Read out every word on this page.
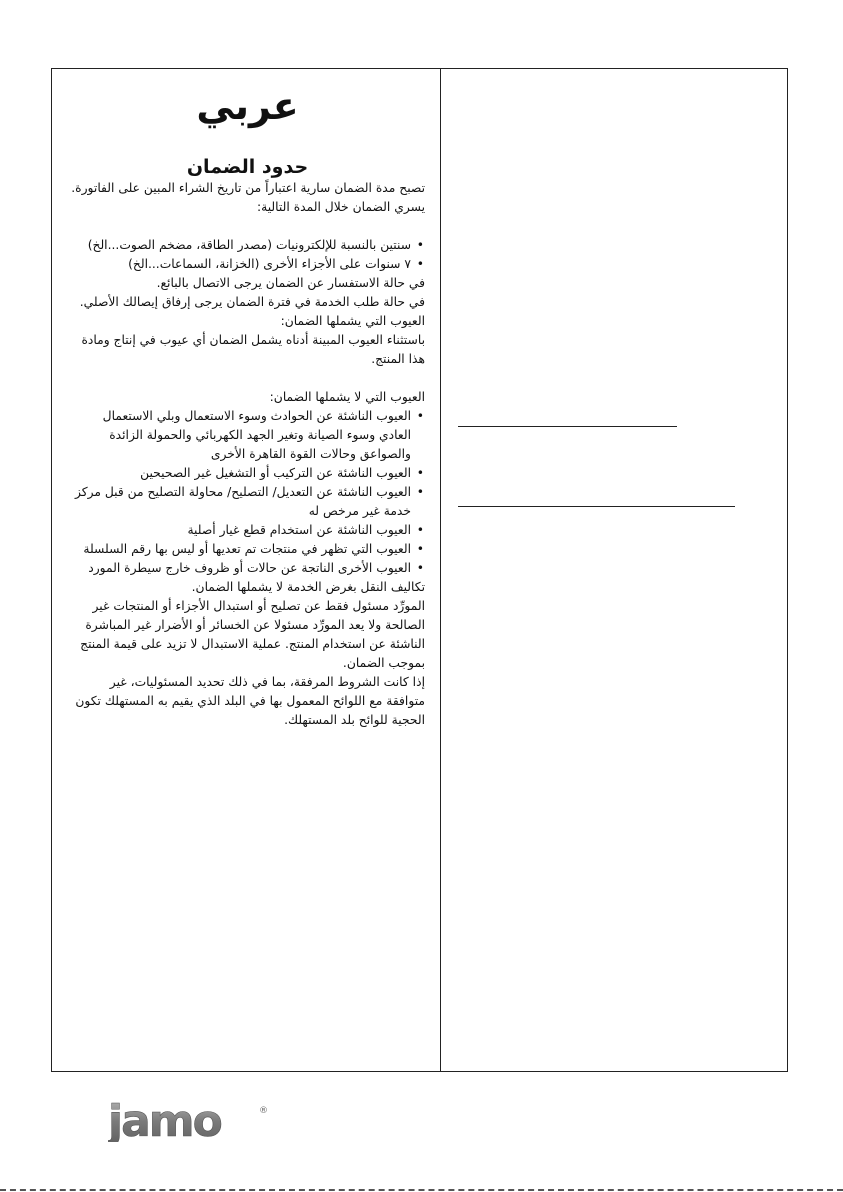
عربي
حدود الضمان

تصبح مدة الضمان سارية اعتباراً من تاريخ الشراء المبين على الفاتورة.

يسري الضمان خلال المدة التالية:

• سنتين بالنسبة للإلكترونيات (مصدر الطاقة، مضخم الصوت...الخ)
• ٧ سنوات على الأجزاء الأخرى (الخزانة، السماعات...الخ)

في حالة الاستفسار عن الضمان يرجى الاتصال بالبائع.

في حالة طلب الخدمة في فترة الضمان يرجى إرفاق إيصالك الأصلي.

العيوب التي يشملها الضمان:

باستثناء العيوب المبينة أدناه يشمل الضمان أي عيوب في إنتاج ومادة هذا المنتج.

العيوب التي لا يشملها الضمان:

• العيوب الناشئة عن الحوادث وسوء الاستعمال وبلي الاستعمال العادي وسوء الصيانة وتغير الجهد الكهربائي والحمولة الزائدة والصواعق وحالات القوة القاهرة الأخرى
• العيوب الناشئة عن التركيب أو التشغيل غير الصحيحين
• العيوب الناشئة عن التعديل/ التصليح/ محاولة التصليح من قبل مركز خدمة غير مرخص له
• العيوب الناشئة عن استخدام قطع غيار أصلية
• العيوب التي تظهر في منتجات تم تعديها أو ليس بها رقم السلسلة
• العيوب الأخرى الناتجة عن حالات أو ظروف خارج سيطرة المورد

تكاليف النقل بغرض الخدمة لا يشملها الضمان.

المورِّد مسئول فقط عن تصليح أو استبدال الأجزاء أو المنتجات غير الصالحة ولا يعد المورِّد مسئولا عن الخسائر أو الأضرار غير المباشرة الناشئة عن استخدام المنتج. عملية الاستبدال لا تزيد على قيمة المنتج بموجب الضمان.

إذا كانت الشروط المرفقة، بما في ذلك تحديد المسئوليات، غير متوافقة مع اللوائح المعمول بها في البلد الذي يقيم به المستهلك تكون الحجية للوائح بلد المستهلك.

jamo	®
